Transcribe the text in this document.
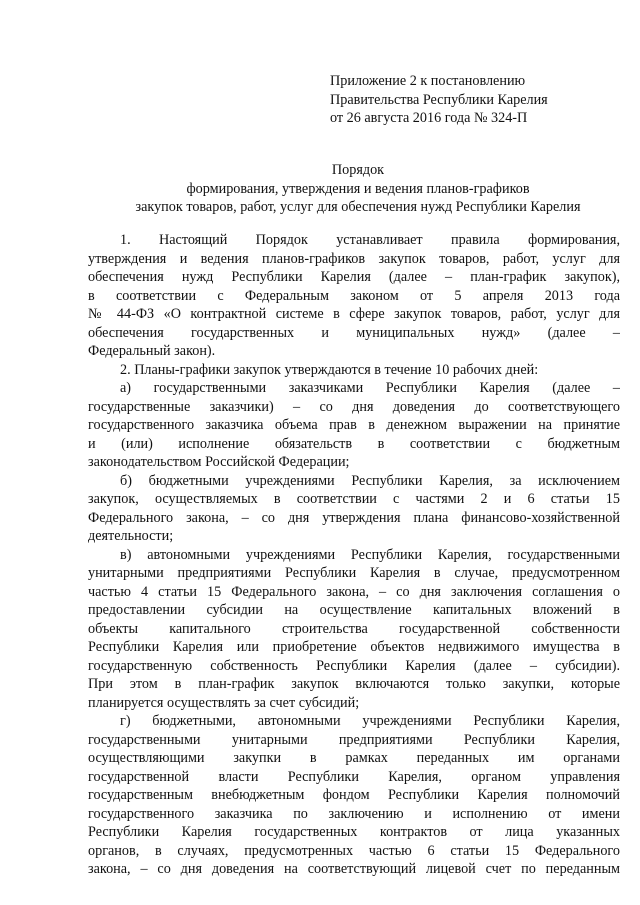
Приложение 2 к постановлению
Правительства Республики Карелия
от 26 августа 2016 года № 324-П
Порядок
формирования, утверждения и ведения планов-графиков
закупок товаров, работ, услуг для обеспечения нужд Республики Карелия
1. Настоящий Порядок устанавливает правила формирования,
утверждения и ведения планов-графиков закупок товаров, работ, услуг для
обеспечения нужд Республики Карелия (далее – план-график закупок),
в соответствии с Федеральным законом от 5 апреля 2013 года
№ 44-ФЗ «О контрактной системе в сфере закупок товаров, работ, услуг для
обеспечения государственных и муниципальных нужд» (далее –
Федеральный закон).
2. Планы-графики закупок утверждаются в течение 10 рабочих дней:
а) государственными заказчиками Республики Карелия (далее –
государственные заказчики) – со дня доведения до соответствующего
государственного заказчика объема прав в денежном выражении на принятие
и (или) исполнение обязательств в соответствии с бюджетным
законодательством Российской Федерации;
б) бюджетными учреждениями Республики Карелия, за исключением
закупок, осуществляемых в соответствии с частями 2 и 6 статьи 15
Федерального закона, – со дня утверждения плана финансово-хозяйственной
деятельности;
в) автономными учреждениями Республики Карелия, государственными
унитарными предприятиями Республики Карелия в случае, предусмотренном
частью 4 статьи 15 Федерального закона, – со дня заключения соглашения о
предоставлении субсидии на осуществление капитальных вложений в
объекты капитального строительства государственной собственности
Республики Карелия или приобретение объектов недвижимого имущества в
государственную собственность Республики Карелия (далее – субсидии).
При этом в план-график закупок включаются только закупки, которые
планируется осуществлять за счет субсидий;
г) бюджетными, автономными учреждениями Республики Карелия,
государственными унитарными предприятиями Республики Карелия,
осуществляющими закупки в рамках переданных им органами
государственной власти Республики Карелия, органом управления
государственным внебюджетным фондом Республики Карелия полномочий
государственного заказчика по заключению и исполнению от имени
Республики Карелия государственных контрактов от лица указанных
органов, в случаях, предусмотренных частью 6 статьи 15 Федерального
закона, – со дня доведения на соответствующий лицевой счет по переданным
